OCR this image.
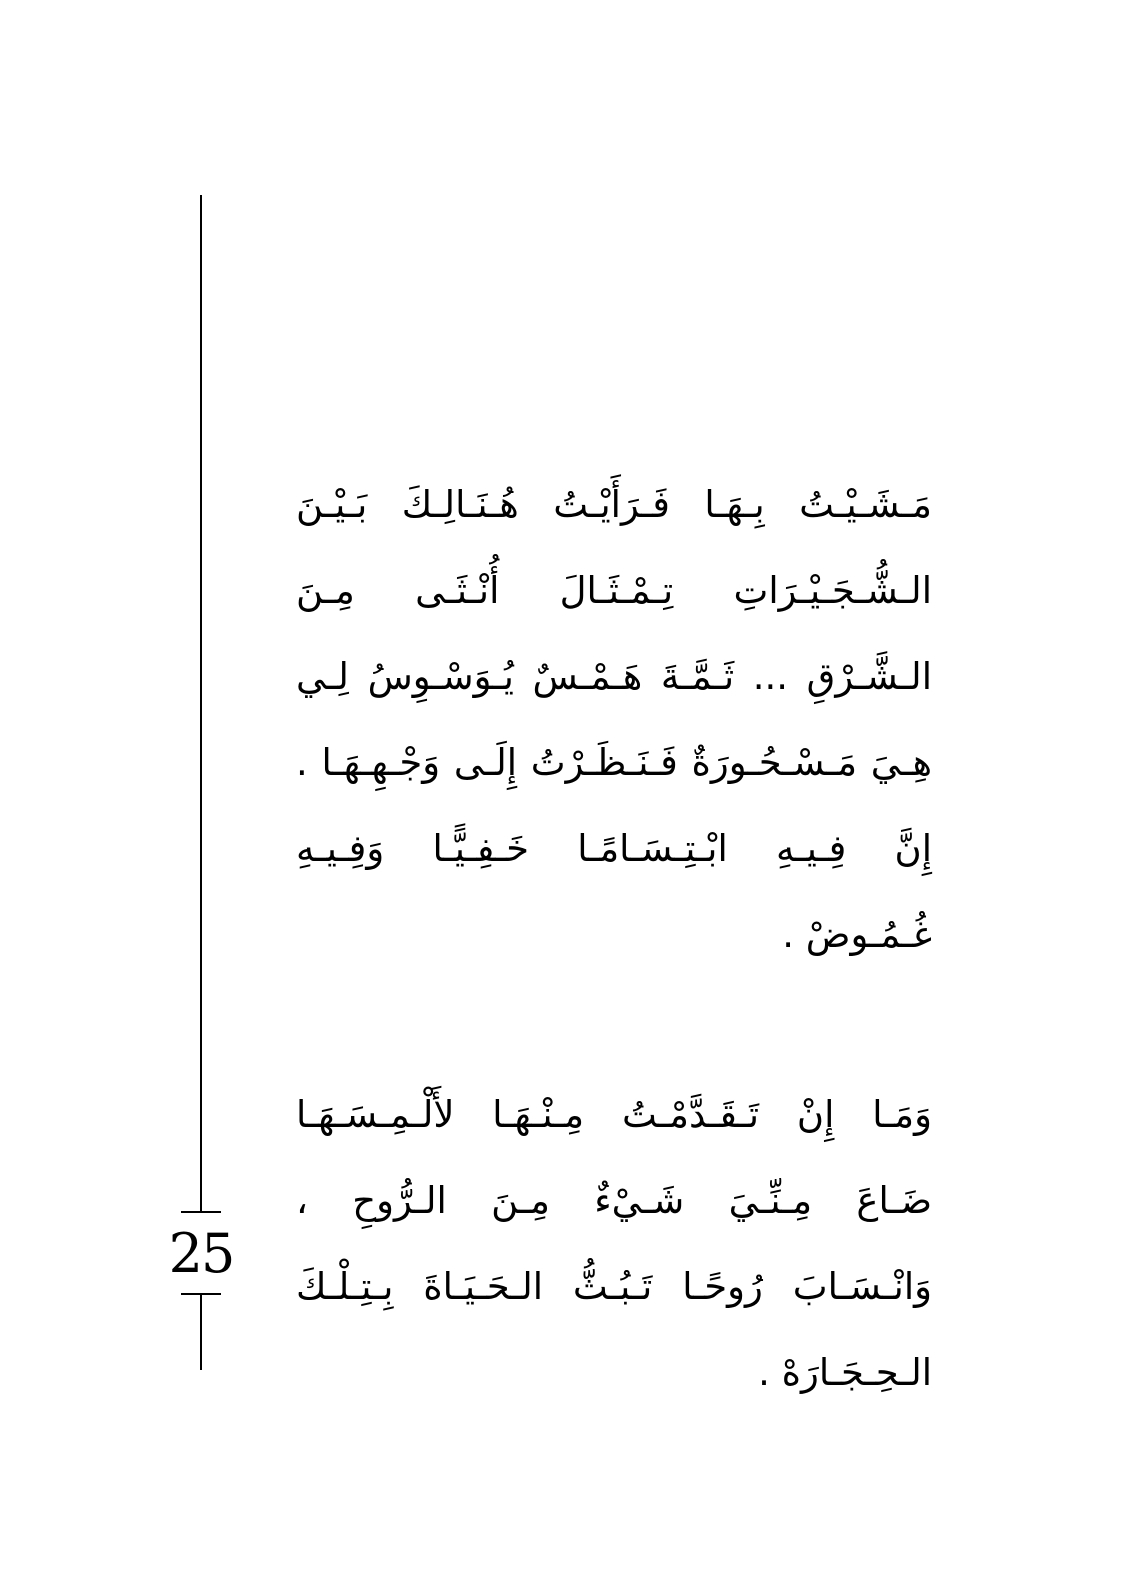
25
مَـشَـيْـتُ بِـهَـا فَـرَأَيْـتُ هُـنَـالِـكَ بَـيْـنَ
الـشُّـجَـيْـرَاتِ تِـمْـثَـالَ أُنْـثَـى مِـنَ
الـشَّـرْقِ ... ثَـمَّـةَ هَـمْـسٌ يُـوَسْـوِسُ لِـي
هِـيَ مَـسْـحُـورَةٌ فَـنَـظَـرْتُ إِلَـى وَجْـهِـهَـا .
إِنَّ فِـيـهِ ابْـتِـسَـامًـا خَـفِـيًّـا وَفِـيـهِ
غُـمُـوضْ .
وَمَـا إِنْ تَـقَـدَّمْـتُ مِـنْـهَـا لأَلْـمِـسَـهَـا
ضَـاعَ مِـنِّـيَ شَـيْءٌ مِـنَ الـرُّوحِ ،
وَانْـسَـابَ رُوحًـا تَـبُـثُّ الـحَـيَـاةَ بِـتِـلْـكَ
الـحِـجَـارَهْ .
